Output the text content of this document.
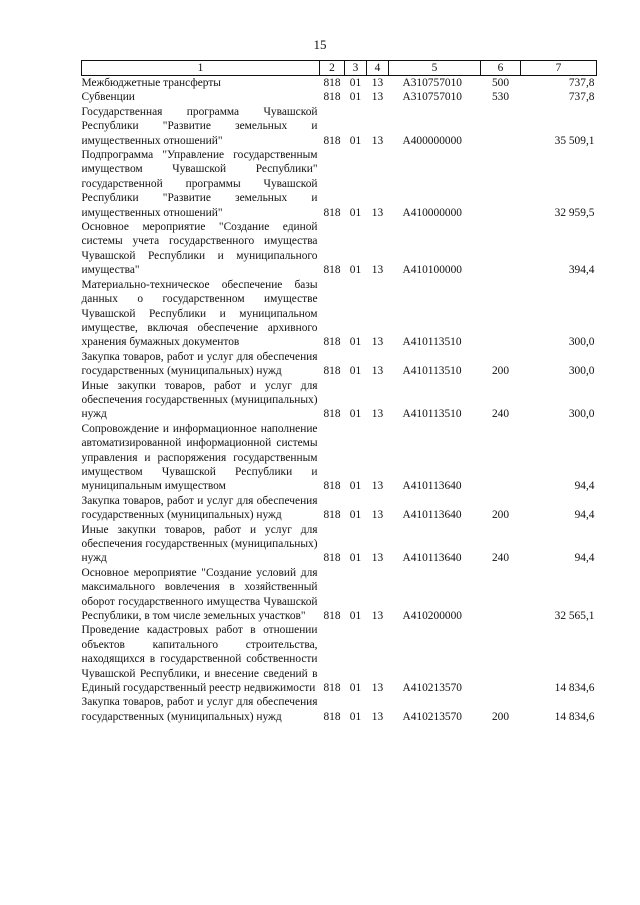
15
1	2	3	4	5	6	7
Межбюджетные трансферты	818	01	13	А310757010	500	737,8
Субвенции	818	01	13	А310757010	530	737,8
Государственная программа Чувашской Республики "Развитие земельных и имущественных отношений"	818	01	13	А400000000		35 509,1
Подпрограмма "Управление государственным имуществом Чувашской Республики" государственной программы Чувашской Республики "Развитие земельных и имущественных отношений"	818	01	13	А410000000		32 959,5
Основное мероприятие "Создание единой системы учета государственного имущества Чувашской Республики и муниципального имущества"	818	01	13	А410100000		394,4
Материально-техническое обеспечение базы данных о государственном имуществе Чувашской Республики и муниципальном имуществе, включая обеспечение архивного хранения бумажных документов	818	01	13	А410113510		300,0
Закупка товаров, работ и услуг для обеспечения государственных (муниципальных) нужд	818	01	13	А410113510	200	300,0
Иные закупки товаров, работ и услуг для обеспечения государственных (муниципальных) нужд	818	01	13	А410113510	240	300,0
Сопровождение и информационное наполнение автоматизированной информационной системы управления и распоряжения государственным имуществом Чувашской Республики и муниципальным имуществом	818	01	13	А410113640		94,4
Закупка товаров, работ и услуг для обеспечения государственных (муниципальных) нужд	818	01	13	А410113640	200	94,4
Иные закупки товаров, работ и услуг для обеспечения государственных (муниципальных) нужд	818	01	13	А410113640	240	94,4
Основное мероприятие "Создание условий для максимального вовлечения в хозяйственный оборот государственного имущества Чувашской Республики, в том числе земельных участков"	818	01	13	А410200000		32 565,1
Проведение кадастровых работ в отношении объектов капитального строительства, находящихся в государственной собственности Чувашской Республики, и внесение сведений в Единый государственный реестр недвижимости	818	01	13	А410213570		14 834,6
Закупка товаров, работ и услуг для обеспечения государственных (муниципальных) нужд	818	01	13	А410213570	200	14 834,6
